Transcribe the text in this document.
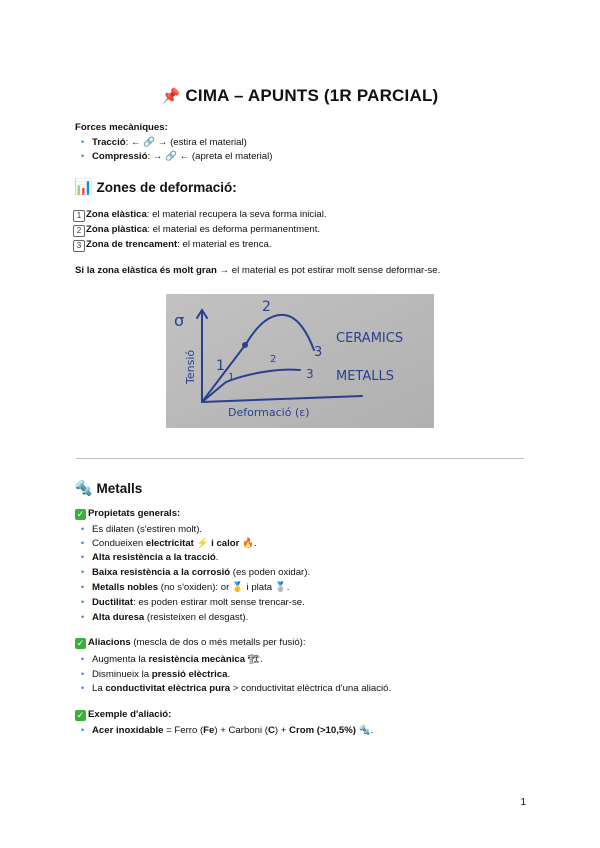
📌 CIMA – APUNTS (1R PARCIAL)
Forces mecàniques:
• Tracció: ← 🔗 → (estira el material)
• Compressió: → 🔗 ← (apreta el material)
📊 Zones de deformació:
1 Zona elàstica: el material recupera la seva forma inicial.
2 Zona plàstica: el material es deforma permanentment.
3 Zona de trencament: el material es trenca.
Si la zona elàstica és molt gran → el material es pot estirar molt sense deformar-se.
σ
Tensió
Deformació (ε)
CERAMICS
METALLS
1
2
3
1
2
3
🔩 Metalls
✓ Propietats generals:
• Es dilaten (s'estiren molt).
• Condueixen electricitat ⚡ i calor 🔥.
• Alta resistència a la tracció.
• Baixa resistència a la corrosió (es poden oxidar).
• Metalls nobles (no s'oxiden): or 🥇 i plata 🥈.
• Ductilitat: es poden estirar molt sense trencar-se.
• Alta duresa (resisteixen el desgast).
✓ Aliacions (mescla de dos o més metalls per fusió):
• Augmenta la resistència mecànica 🏗.
• Disminueix la pressió elèctrica.
• La conductivitat elèctrica pura > conductivitat elèctrica d'una aliació.
✓ Exemple d'aliació:
• Acer inoxidable = Ferro (Fe) + Carboni (C) + Crom (>10,5%) 🔩.
1
